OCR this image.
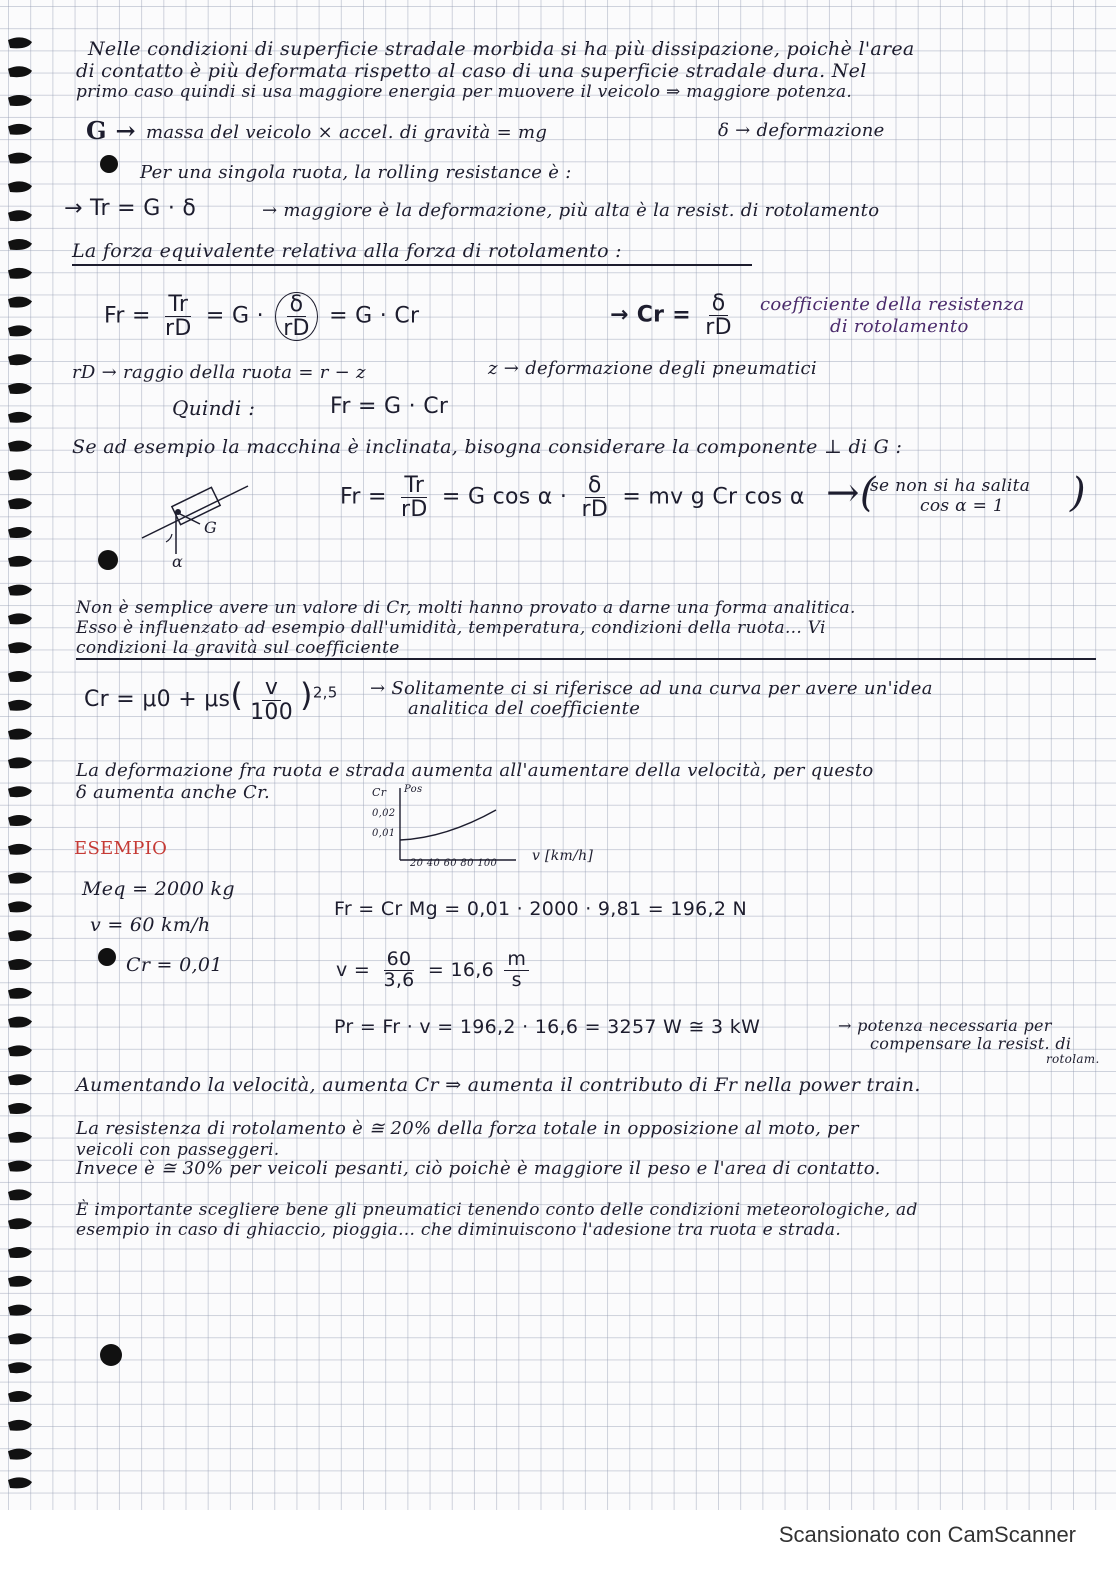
Nelle condizioni di superficie stradale morbida si ha più dissipazione, poichè l'area
di contatto è più deformata rispetto al caso di una superficie stradale dura. Nel
primo caso quindi si usa maggiore energia per muovere il veicolo ⇒ maggiore potenza.
G → massa del veicolo × accel. di gravità = mg	δ → deformazione
Per una singola ruota, la rolling resistance è :
→ Tr = G · δ	→ maggiore è la deformazione, più alta è la resist. di rotolamento
La forza equivalente relativa alla forza di rotolamento :
$Fr = \frac{Tr}{rD} = G \cdot \frac{\delta}{rD} = G \cdot Cr$	→ $Cr = \frac{\delta}{rD}$ coefficiente della resistenza
di rotolamento
rD → raggio della ruota = r − z	z → deformazione degli pneumatici
Quindi :	Fr = G · Cr
Se ad esempio la macchina è inclinata, bisogna considerare la componente ⊥ di G :
G
α
$Fr = \frac{Tr}{rD} = G$ $\cos \alpha \cdot \frac{\delta}{rD}$ = mv g Cr cos α →(
se non si ha salita
cos α = 1 )
Non è semplice avere un valore di Cr, molti hanno provato a darne una forma analitica.
Esso è influenzato ad esempio dall'umidità, temperatura, condizioni della ruota... Vi
condizioni la gravità sul coefficiente
$Cr = \mu 0 + \mu s( \frac{v}{100} )^{2,5}$ → Solitamente ci si riferisce ad una curva per avere un'idea
analitica del coefficiente
La deformazione fra ruota e strada aumenta all'aumentare della velocità, per questo
δ aumenta anche Cr.	Cr Pos
0,02
0,01
20 40 60 80 100 v [km/h]
ESEMPIO
Meq = 2000 kg
v = 60 km/h
Cr = 0,01
Fr = Cr Mg = 0,01 · 2000 · 9,81 = 196,2 N
$v = \frac{60}{3,6} = 16,6 \frac{m}{s}$
Pr = Fr · v = 196,2 · 16,6 = 3257 W ≅ 3 kW	→ potenza necessaria per
compensare la resist. di
rotolam.
Aumentando la velocità, aumenta Cr ⇒ aumenta il contributo di Fr nella power train.
La resistenza di rotolamento è ≅ 20% della forza totale in opposizione al moto, per
veicoli con passeggeri.
Invece è ≅ 30% per veicoli pesanti, ciò poichè è maggiore il peso e l'area di contatto.
È importante scegliere bene gli pneumatici tenendo conto delle condizioni meteorologiche, ad
esempio in caso di ghiaccio, pioggia... che diminuiscono l'adesione tra ruota e strada.
Scansionato con CamScanner
